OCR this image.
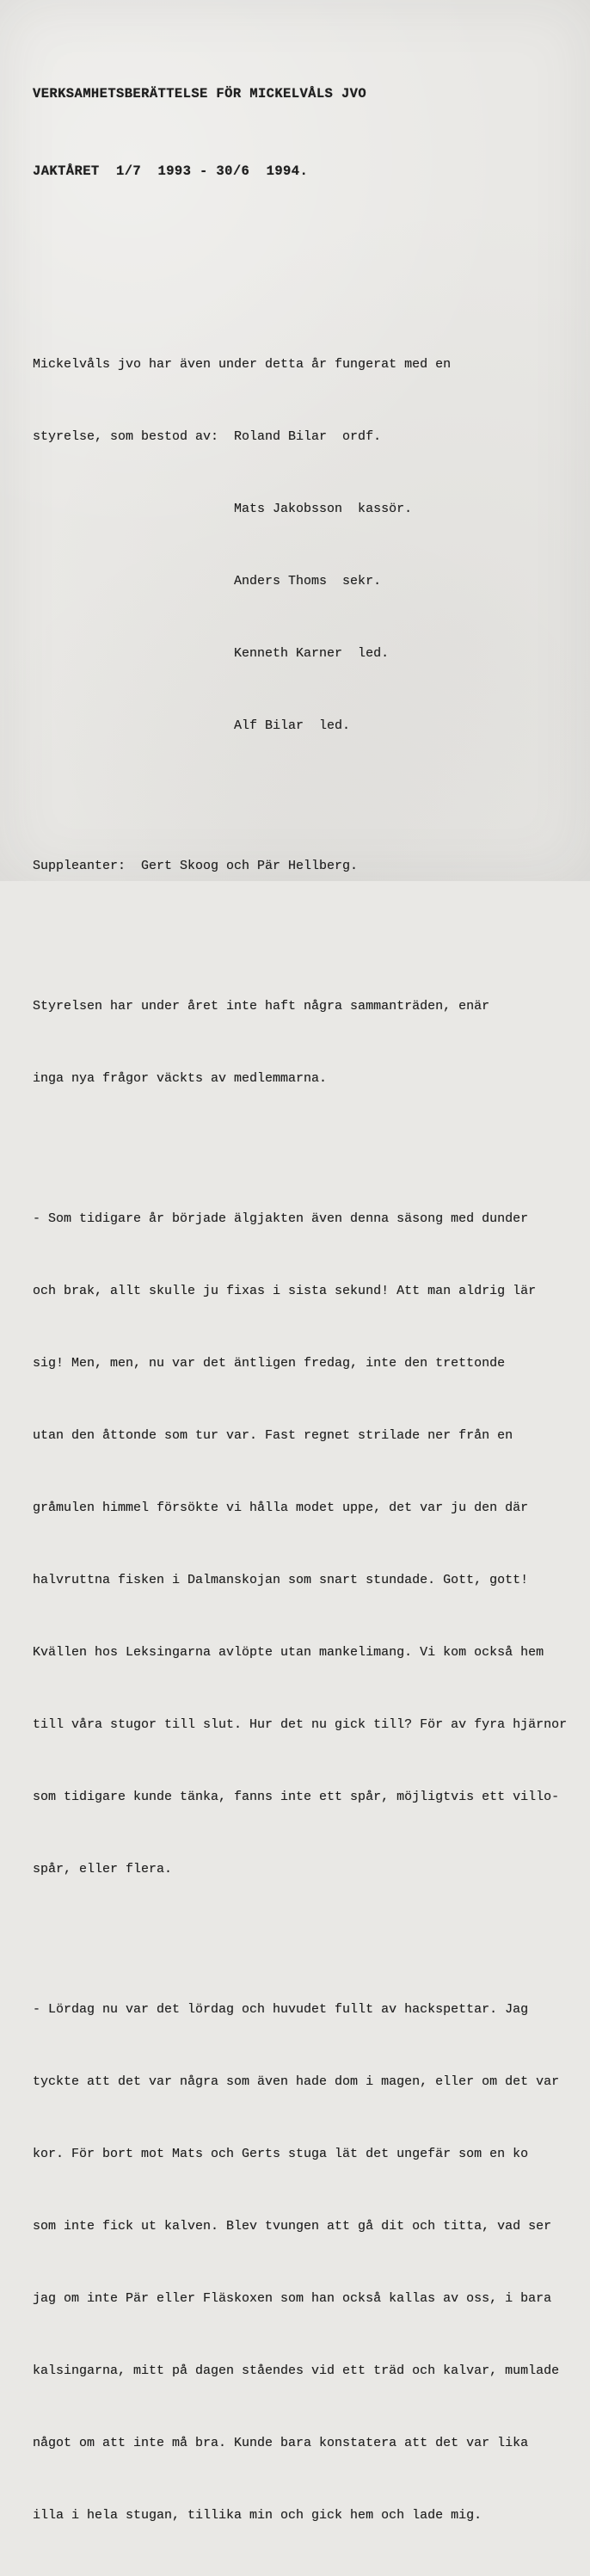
VERKSAMHETSBERÄTTELSE FÖR MICKELVÅLS JVO

JAKTÅRET  1/7  1993 - 30/6  1994.

Mickelvåls jvo har även under detta år fungerat med en

styrelse, som bestod av:  Roland Bilar  ordf.

Mats Jakobsson  kassör.

Anders Thoms  sekr.

Kenneth Karner  led.

Alf Bilar  led.

Suppleanter:  Gert Skoog och Pär Hellberg.

Styrelsen har under året inte haft några sammanträden, enär

inga nya frågor väckts av medlemmarna.

- Som tidigare år började älgjakten även denna säsong med dunder

och brak, allt skulle ju fixas i sista sekund! Att man aldrig lär

sig! Men, men, nu var det äntligen fredag, inte den trettonde

utan den åttonde som tur var. Fast regnet strilade ner från en

gråmulen himmel försökte vi hålla modet uppe, det var ju den där

halvruttna fisken i Dalmanskojan som snart stundade. Gott, gott!

Kvällen hos Leksingarna avlöpte utan mankelimang. Vi kom också hem

till våra stugor till slut. Hur det nu gick till? För av fyra hjärnor

som tidigare kunde tänka, fanns inte ett spår, möjligtvis ett villo-

spår, eller flera.

- Lördag nu var det lördag och huvudet fullt av hackspettar. Jag

tyckte att det var några som även hade dom i magen, eller om det var

kor. För bort mot Mats och Gerts stuga lät det ungefär som en ko

som inte fick ut kalven. Blev tvungen att gå dit och titta, vad ser

jag om inte Pär eller Fläskoxen som han också kallas av oss, i bara

kalsingarna, mitt på dagen ståendes vid ett träd och kalvar, mumlade

något om att inte må bra. Kunde bara konstatera att det var lika

illa i hela stugan, tillika min och gick hem och lade mig.
